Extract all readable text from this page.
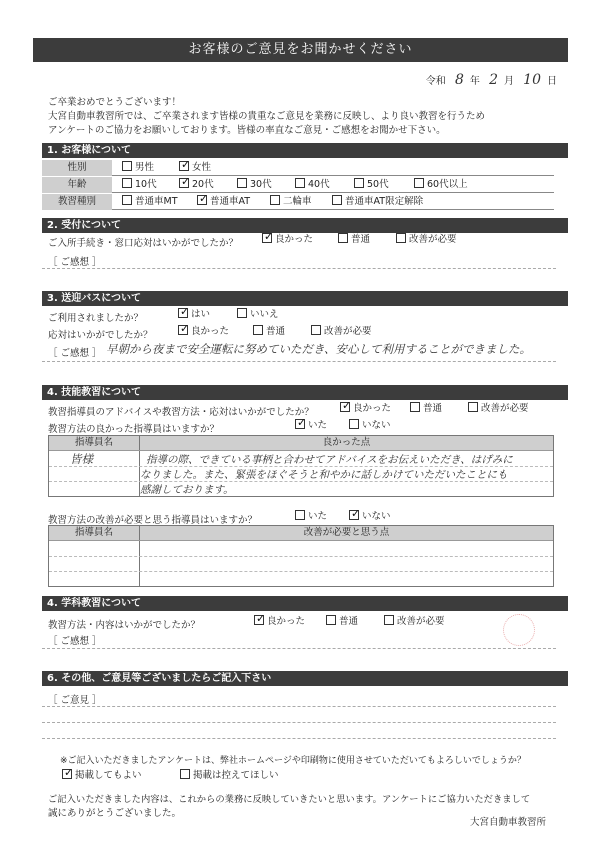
お客様のご意見をお聞かせください
令和 8 年 2 月 10 日
ご卒業おめでとうございます！
大宮自動車教習所では、ご卒業されます皆様の貴重なご意見を業務に反映し、より良い教習を行うため
アンケートのご協力をお願いしております。皆様の率直なご意見・ご感想をお聞かせ下さい。
1. お客様について
性別	男性 ✓	女性
年齢	10代 ✓	20代	30代	40代	50代	60代以上
教習種別	普通車MT ✓	普通車AT	二輪車	普通車AT限定解除
2. 受付について
ご入所手続き・窓口応対はいかがでしたか？ ✓	良かった	普通	改善が必要
［ ご感想 ］
3. 送迎バスについて
ご利用されましたか？ ✓	はい	いいえ
応対はいかがでしたか？ ✓	良かった	普通	改善が必要
［ ご感想 ］ 早朝から夜まで安全運転に努めていただき、安心して利用することができました。
4. 技能教習について
教習指導員のアドバイスや教習方法・応対はいかがでしたか？ ✓	良かった	普通	改善が必要
教習方法の良かった指導員はいますか？ ✓	いた	いない
指導員名	良かった点
皆様	指導の際、できている事柄と合わせてアドバイスをお伝えいただき、はげみに
なりました。また、緊張をほぐそうと和やかに話しかけていただいたことにも
感謝しております。
教習方法の改善が必要と思う指導員はいますか？	いた ✓	いない
指導員名	改善が必要と思う点
4. 学科教習について
教習方法・内容はいかがでしたか？ ✓	良かった	普通	改善が必要
［ ご感想 ］
6. その他、ご意見等ございましたらご記入下さい
［ ご意見 ］
※ご記入いただきましたアンケートは、弊社ホームページや印刷物に使用させていただいてもよろしいでしょうか？
✓掲載してもよい	掲載は控えてほしい
ご記入いただきました内容は、これからの業務に反映していきたいと思います。アンケートにご協力いただきまして
誠にありがとうございました。
大宮自動車教習所
